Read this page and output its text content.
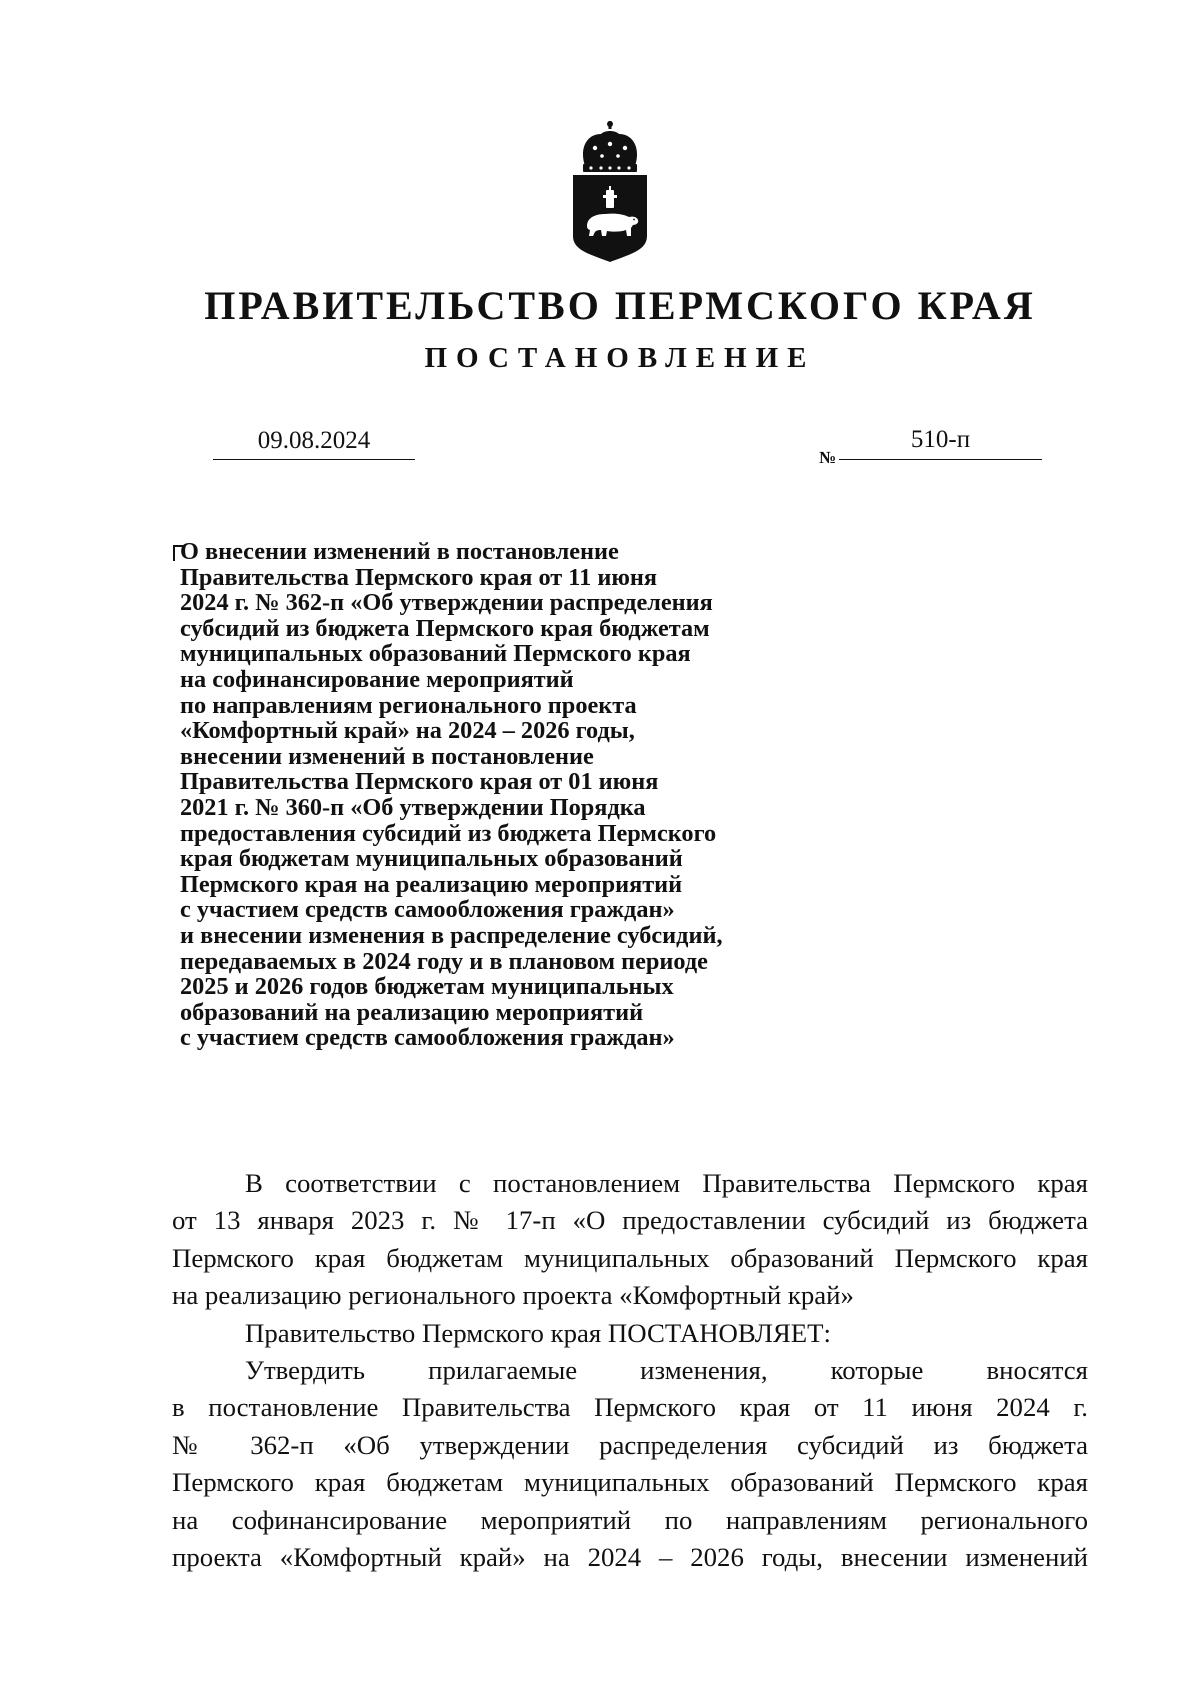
ПРАВИТЕЛЬСТВО ПЕРМСКОГО КРАЯ
ПОСТАНОВЛЕНИЕ
09.08.2024
№
510-п
О внесении изменений в постановление
Правительства Пермского края от 11 июня
2024 г. № 362-п «Об утверждении распределения
субсидий из бюджета Пермского края бюджетам
муниципальных образований Пермского края
на софинансирование мероприятий
по направлениям регионального проекта
«Комфортный край» на 2024 – 2026 годы,
внесении изменений в постановление
Правительства Пермского края от 01 июня
2021 г. № 360-п «Об утверждении Порядка
предоставления субсидий из бюджета Пермского
края бюджетам муниципальных образований
Пермского края на реализацию мероприятий
с участием средств самообложения граждан»
и внесении изменения в распределение субсидий,
передаваемых в 2024 году и в плановом периоде
2025 и 2026 годов бюджетам муниципальных
образований на реализацию мероприятий
с участием средств самообложения граждан»
В соответствии с постановлением Правительства Пермского края
от 13 января 2023 г. № 17-п «О предоставлении субсидий из бюджета
Пермского края бюджетам муниципальных образований Пермского края
на реализацию регионального проекта «Комфортный край»
Правительство Пермского края ПОСТАНОВЛЯЕТ:
Утвердить прилагаемые изменения, которые вносятся
в постановление Правительства Пермского края от 11 июня 2024 г.
№ 362-п «Об утверждении распределения субсидий из бюджета
Пермского края бюджетам муниципальных образований Пермского края
на софинансирование мероприятий по направлениям регионального
проекта «Комфортный край» на 2024 – 2026 годы, внесении изменений
